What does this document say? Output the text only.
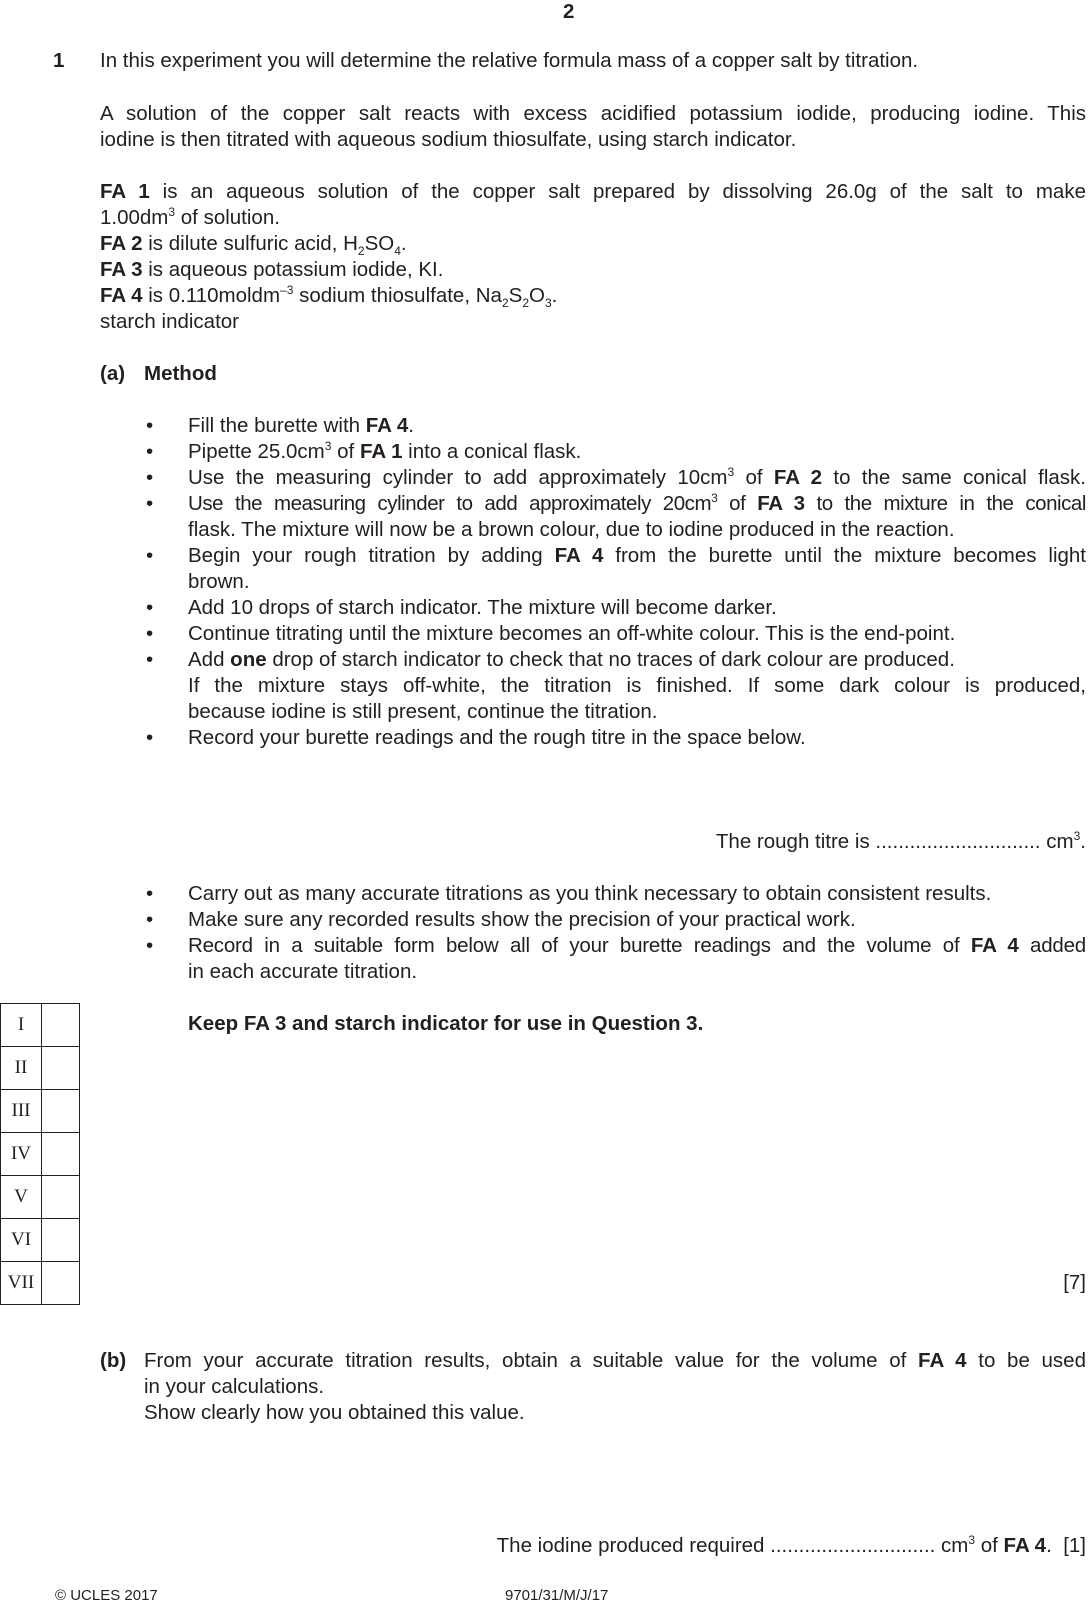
2
1 In this experiment you will determine the relative formula mass of a copper salt by titration.
A solution of the copper salt reacts with excess acidified potassium iodide, producing iodine. This
iodine is then titrated with aqueous sodium thiosulfate, using starch indicator.
FA 1 is an aqueous solution of the copper salt prepared by dissolving 26.0g of the salt to make
$1.00dm^3$ of solution.
FA 2 is dilute sulfuric acid, $H_2SO_4$.
FA 3 is aqueous potassium iodide, KI.
FA 4 is 0.110moldm$^{-3}$ sodium thiosulfate, $Na_2S_2O_3$.
starch indicator
(a) Method
• Fill the burette with FA 4.
• Pipette $25.0cm^3$ of FA 1 into a conical flask.
• Use the measuring cylinder to add approximately $10cm^3$ of FA 2 to the same conical flask.
• Use the measuring cylinder to add approximately $20cm^3$ of FA 3 to the mixture in the conical
flask. The mixture will now be a brown colour, due to iodine produced in the reaction.
• Begin your rough titration by adding FA 4 from the burette until the mixture becomes light
brown.
• Add 10 drops of starch indicator. The mixture will become darker.
• Continue titrating until the mixture becomes an off-white colour. This is the end-point.
• Add one drop of starch indicator to check that no traces of dark colour are produced.
If the mixture stays off-white, the titration is finished. If some dark colour is produced,
because iodine is still present, continue the titration.
• Record your burette readings and the rough titre in the space below.
The rough titre is ............................. $cm^3$.
• Carry out as many accurate titrations as you think necessary to obtain consistent results.
• Make sure any recorded results show the precision of your practical work.
• Record in a suitable form below all of your burette readings and the volume of FA 4 added
in each accurate titration.
Keep FA 3 and starch indicator for use in Question 3.
I	
II	
III	
IV	
V	
VI	
VII		[7]
(b) From your accurate titration results, obtain a suitable value for the volume of FA 4 to be used
in your calculations.
Show clearly how you obtained this value.
The iodine produced required ............................. $cm^3$ of FA 4. [1]
© UCLES 2017	9701/31/M/J/17
